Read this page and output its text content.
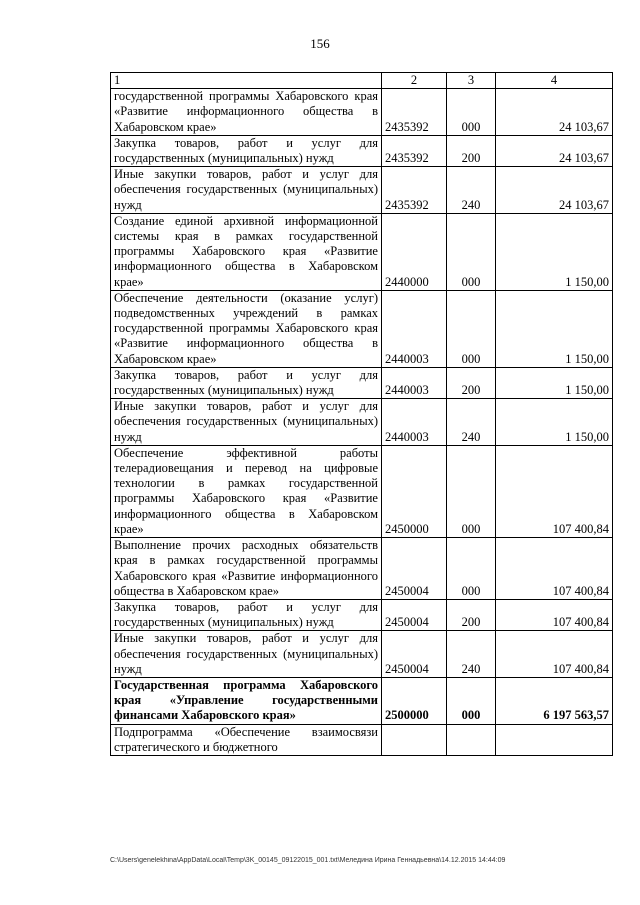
156
1	2	3	4
государственной программы Хабаровского края «Развитие информационного общества в Хабаровском крае»	2435392	000	24 103,67
Закупка товаров, работ и услуг для государственных (муниципальных) нужд	2435392	200	24 103,67
Иные закупки товаров, работ и услуг для обеспечения государственных (муниципальных) нужд	2435392	240	24 103,67
Создание единой архивной информационной системы края в рамках государственной программы Хабаровского края «Развитие информационного общества в Хабаровском крае»	2440000	000	1 150,00
Обеспечение деятельности (оказание услуг) подведомственных учреждений в рамках государственной программы Хабаровского края «Развитие информационного общества в Хабаровском крае»	2440003	000	1 150,00
Закупка товаров, работ и услуг для государственных (муниципальных) нужд	2440003	200	1 150,00
Иные закупки товаров, работ и услуг для обеспечения государственных (муниципальных) нужд	2440003	240	1 150,00
Обеспечение эффективной работы телерадиовещания и перевод на цифровые технологии в рамках государственной программы Хабаровского края «Развитие информационного общества в Хабаровском крае»	2450000	000	107 400,84
Выполнение прочих расходных обязательств края в рамках государственной программы Хабаровского края «Развитие информационного общества в Хабаровском крае»	2450004	000	107 400,84
Закупка товаров, работ и услуг для государственных (муниципальных) нужд	2450004	200	107 400,84
Иные закупки товаров, работ и услуг для обеспечения государственных (муниципальных) нужд	2450004	240	107 400,84
Государственная программа Хабаровского края «Управление государственными финансами Хабаровского края»	2500000	000	6 197 563,57
Подпрограмма «Обеспечение взаимосвязи стратегического и бюджетного			
C:\Users\genelekhina\AppData\Local\Temp\3K_00145_09122015_001.txt\Меледина Ирина Геннадьевна\14.12.2015 14:44:09
